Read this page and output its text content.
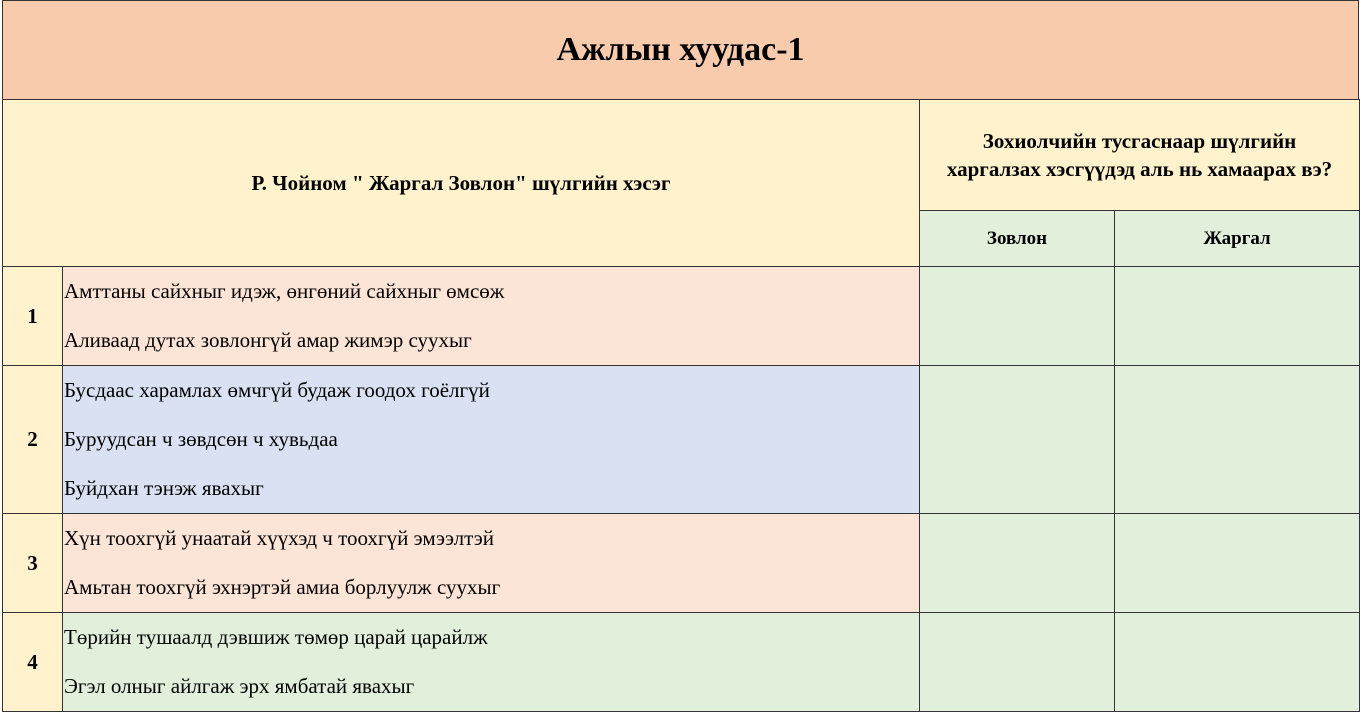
Ажлын хуудас-1
Р. Чойном " Жаргал Зовлон" шүлгийн хэсэг		Зохиолчийн тусгаснаар шүлгийн
харгалзах хэсгүүдэд аль нь хамаарах вэ?	

		Зовлон	Жаргал
1	Амттаны сайхныг идэж, өнгөний сайхныг өмсөж
Аливаад дутах зовлонгүй амар жимэр суухыг		

2	Бусдаас харамлах өмчгүй будаж гоодох гоёлгүй
Буруудсан ч зөвдсөн ч хувьдаа
Буйдхан тэнэж явахыг		

3	Хүн тоохгүй унаатай хүүхэд ч тоохгүй эмээлтэй
Амьтан тоохгүй эхнэртэй амиа борлуулж суухыг		

4	Төрийн тушаалд дэвшиж төмөр царай царайлж
Эгэл олныг айлгаж эрх ямбатай явахыг		
